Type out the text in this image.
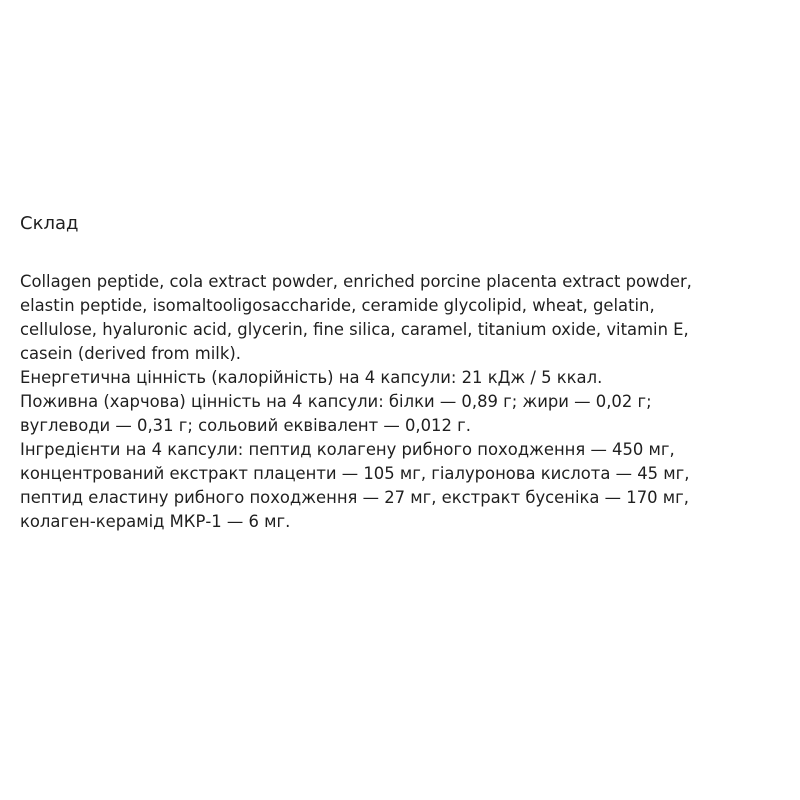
Склад
Collagen peptide, cola extract powder, enriched porcine placenta extract powder,
elastin peptide, isomaltooligosaccharide, ceramide glycolipid, wheat, gelatin,
cellulose, hyaluronic acid, glycerin, fine silica, caramel, titanium oxide, vitamin E,
casein (derived from milk).
Енергетична цінність (калорійність) на 4 капсули: 21 кДж / 5 ккал.
Поживна (харчова) цінність на 4 капсули: білки — 0,89 г; жири — 0,02 г;
вуглеводи — 0,31 г; сольовий еквівалент — 0,012 г.
Інгредієнти на 4 капсули: пептид колагену рибного походження — 450 мг,
концентрований екстракт плаценти — 105 мг, гіалуронова кислота — 45 мг,
пептид еластину рибного походження — 27 мг, екстракт бусеніка — 170 мг,
колаген-керамід МКР-1 — 6 мг.
